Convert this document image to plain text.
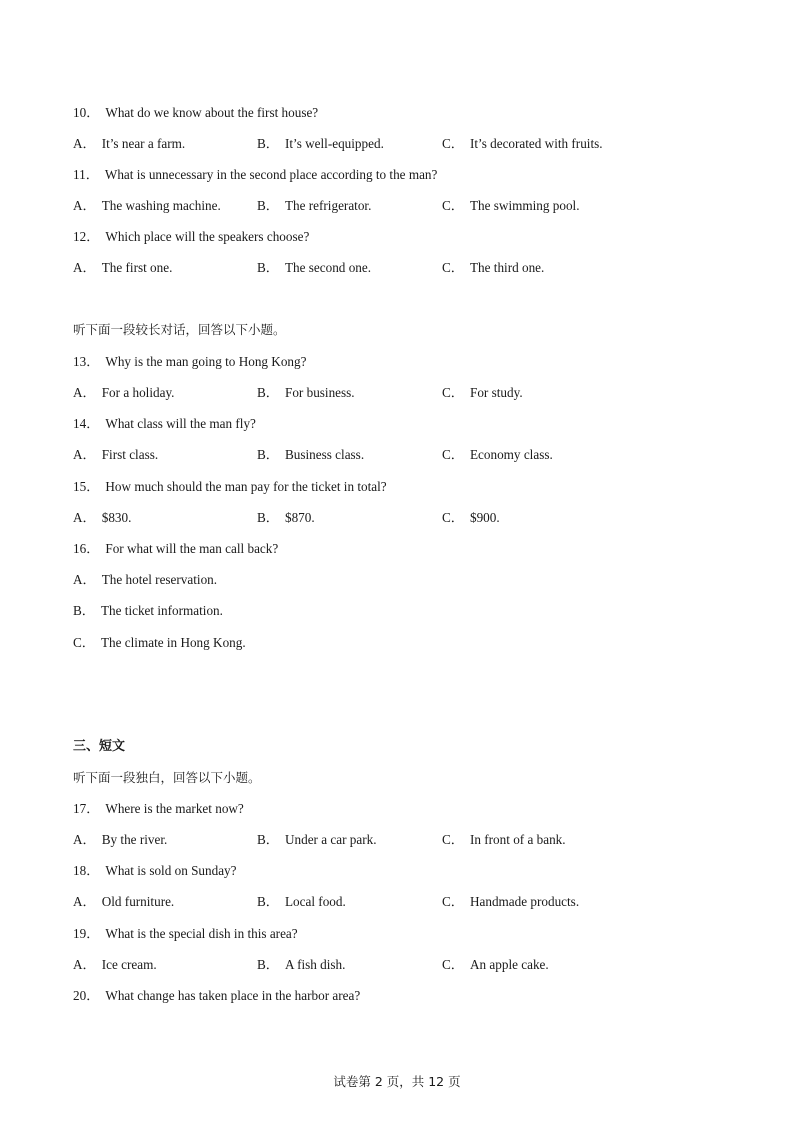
10． What do we know about the first house?
A． It’s near a farm.	B． It’s well-equipped.	C． It’s decorated with fruits.
11． What is unnecessary in the second place according to the man?
A． The washing machine.	B． The refrigerator.	C． The swimming pool.
12． Which place will the speakers choose?
A． The first one.	B． The second one.	C． The third one.
听下面一段较长对话，回答以下小题。
13． Why is the man going to Hong Kong?
A． For a holiday.	B． For business.	C． For study.
14． What class will the man fly?
A． First class.	B． Business class.	C． Economy class.
15． How much should the man pay for the ticket in total?
A． $830.	B． $870.	C． $900.
16． For what will the man call back?
A． The hotel reservation.
B． The ticket information.
C． The climate in Hong Kong.
三、短文
听下面一段独白，回答以下小题。
17． Where is the market now?
A． By the river.	B． Under a car park.	C． In front of a bank.
18． What is sold on Sunday?
A． Old furniture.	B． Local food.	C． Handmade products.
19． What is the special dish in this area?
A． Ice cream.	B． A fish dish.	C． An apple cake.
20． What change has taken place in the harbor area?
试卷第 2 页，共 12 页
